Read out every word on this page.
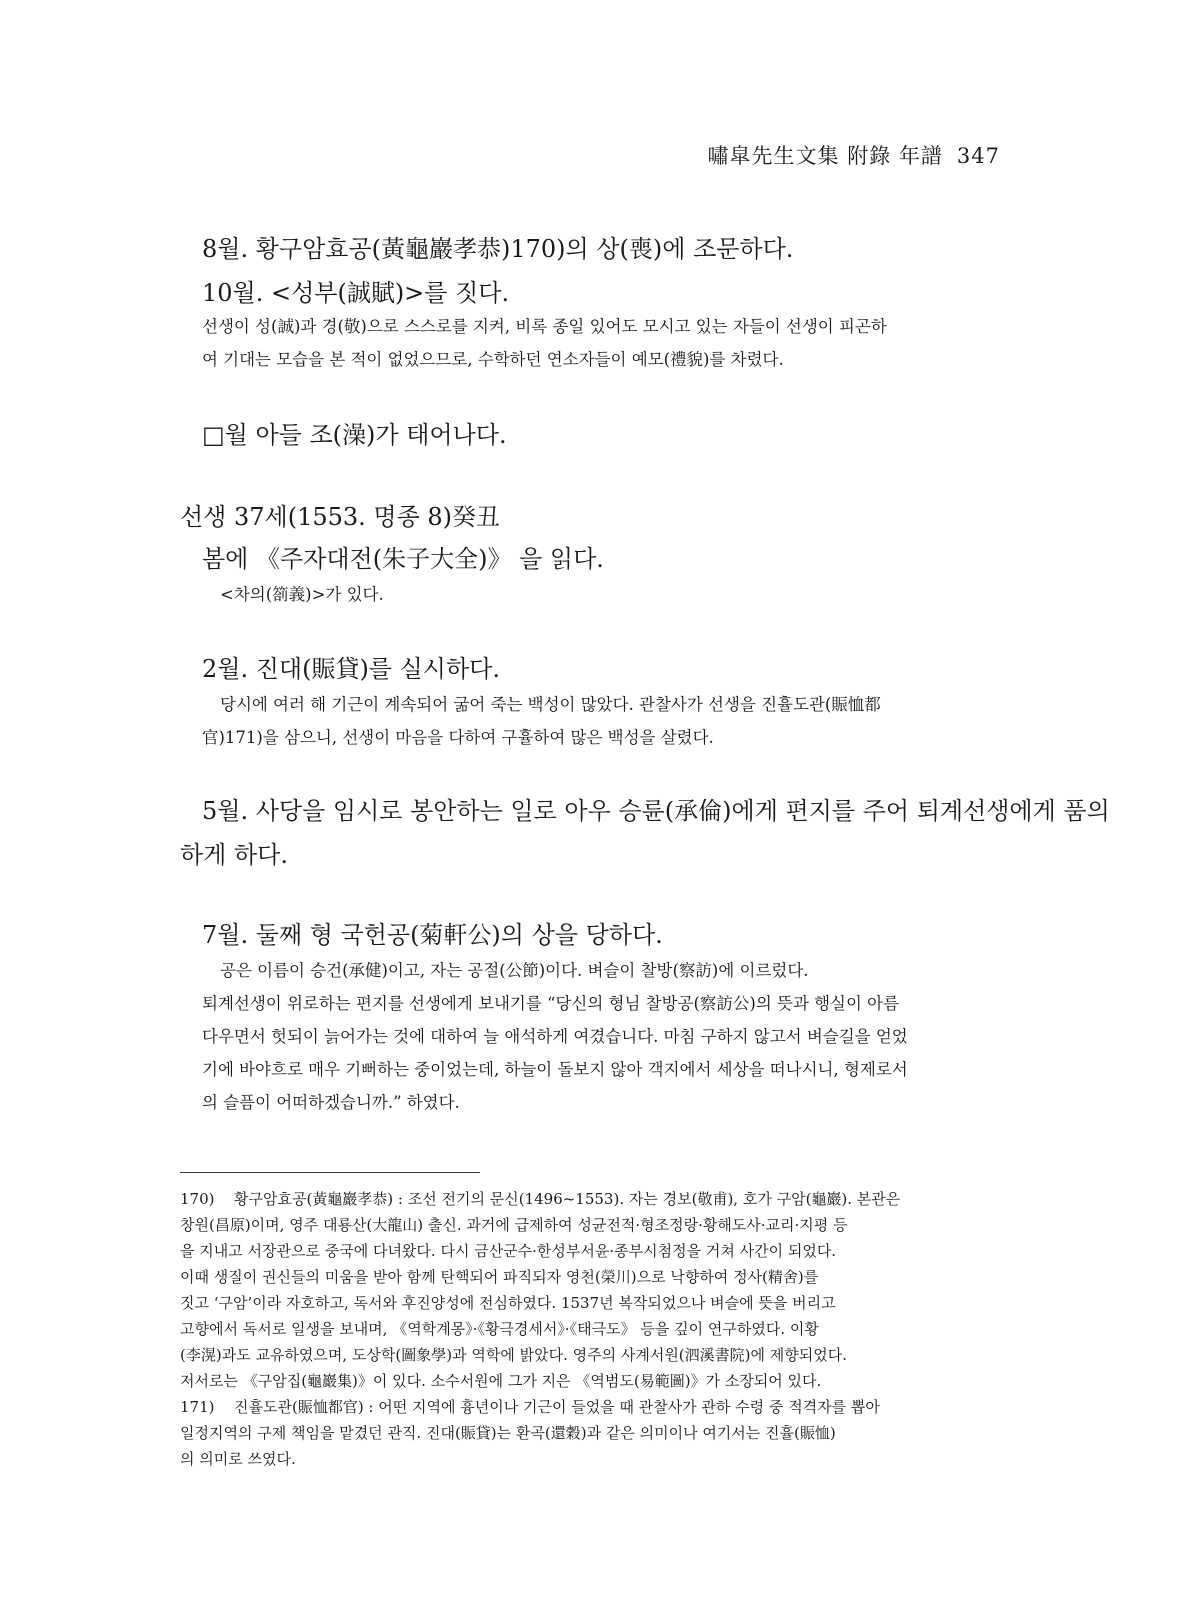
嘯皐先生文集 附錄 年譜 347
8월. 황구암효공(黃龜巖孝恭)170)의 상(喪)에 조문하다.
10월. <성부(誠賦)>를 짓다.
선생이 성(誠)과 경(敬)으로 스스로를 지켜, 비록 종일 있어도 모시고 있는 자들이 선생이 피곤하
여 기대는 모습을 본 적이 없었으므로, 수학하던 연소자들이 예모(禮貌)를 차렸다.
□월 아들 조(澡)가 태어나다.
선생 37세(1553. 명종 8)癸丑
봄에 《주자대전(朱子大全)》 을 읽다.
<차의(箚義)>가 있다.
2월. 진대(賑貸)를 실시하다.
당시에 여러 해 기근이 계속되어 굶어 죽는 백성이 많았다. 관찰사가 선생을 진휼도관(賑恤都
官)171)을 삼으니, 선생이 마음을 다하여 구휼하여 많은 백성을 살렸다.
5월. 사당을 임시로 봉안하는 일로 아우 승륜(承倫)에게 편지를 주어 퇴계선생에게 품의
하게 하다.
7월. 둘째 형 국헌공(菊軒公)의 상을 당하다.
공은 이름이 승건(承健)이고, 자는 공절(公節)이다. 벼슬이 찰방(察訪)에 이르렀다.
퇴계선생이 위로하는 편지를 선생에게 보내기를 “당신의 형님 찰방공(察訪公)의 뜻과 행실이 아름
다우면서 헛되이 늙어가는 것에 대하여 늘 애석하게 여겼습니다. 마침 구하지 않고서 벼슬길을 얻었
기에 바야흐로 매우 기뻐하는 중이었는데, 하늘이 돌보지 않아 객지에서 세상을 떠나시니, 형제로서
의 슬픔이 어떠하겠습니까.” 하였다.
170) 황구암효공(黃龜巖孝恭) : 조선 전기의 문신(1496~1553). 자는 경보(敬甫), 호가 구암(龜巖). 본관은
창원(昌原)이며, 영주 대룡산(大龍山) 출신. 과거에 급제하여 성균전적·형조정랑·황해도사·교리·지평 등
을 지내고 서장관으로 중국에 다녀왔다. 다시 금산군수·한성부서윤·종부시첨정을 거쳐 사간이 되었다.
이때 생질이 권신들의 미움을 받아 함께 탄핵되어 파직되자 영천(榮川)으로 낙향하여 정사(精舍)를
짓고 ‘구암’이라 자호하고, 독서와 후진양성에 전심하였다. 1537년 복작되었으나 벼슬에 뜻을 버리고
고향에서 독서로 일생을 보내며, 《역학계몽》·《황극경세서》·《태극도》 등을 깊이 연구하였다. 이황
(李滉)과도 교유하였으며, 도상학(圖象學)과 역학에 밝았다. 영주의 사계서원(泗溪書院)에 제향되었다.
저서로는 《구암집(龜巖集)》이 있다. 소수서원에 그가 지은 《역범도(易範圖)》가 소장되어 있다.
171) 진휼도관(賑恤都官) : 어떤 지역에 흉년이나 기근이 들었을 때 관찰사가 관하 수령 중 적격자를 뽑아
일정지역의 구제 책임을 맡겼던 관직. 진대(賑貸)는 환곡(還穀)과 같은 의미이나 여기서는 진휼(賑恤)
의 의미로 쓰였다.
